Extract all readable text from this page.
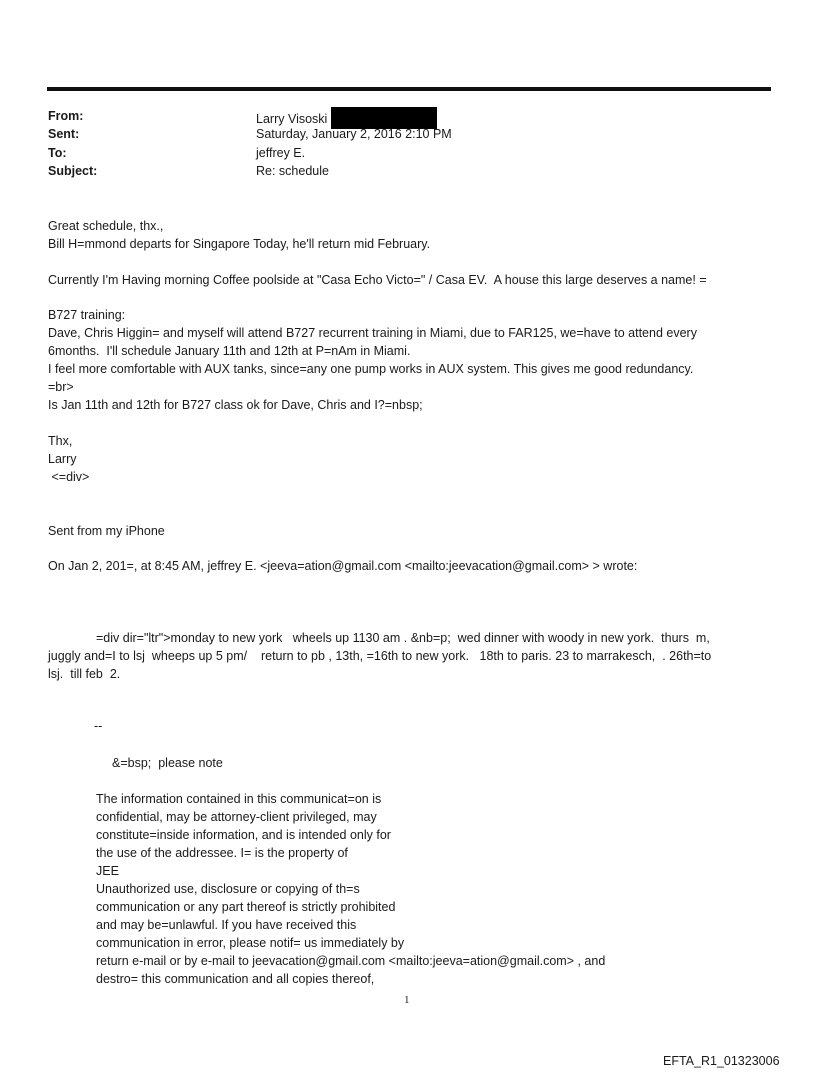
From:	Larry Visoski
Sent:	Saturday, January 2, 2016 2:10 PM
To:	jeffrey E.
Subject:	Re: schedule
Great schedule, thx.,
Bill H=mmond departs for Singapore Today, he'll return mid February.
Currently I'm Having morning Coffee poolside at "Casa Echo Victo=" / Casa EV.  A house this large deserves a name! =
B727 training:
Dave, Chris Higgin= and myself will attend B727 recurrent training in Miami, due to FAR125, we=have to attend every
6months.  I'll schedule January 11th and 12th at P=nAm in Miami.
I feel more comfortable with AUX tanks, since=any one pump works in AUX system. This gives me good redundancy.
=br>
Is Jan 11th and 12th for B727 class ok for Dave, Chris and I?=nbsp;
Thx,
Larry
<=div>
Sent from my iPhone
On Jan 2, 201=, at 8:45 AM, jeffrey E. <jeeva=ation@gmail.com <mailto:jeevacation@gmail.com> > wrote:
=div dir="ltr">monday to new york   wheels up 1130 am . &nb=p;  wed dinner with woody in new york.  thurs  m,
juggly and=I to lsj  wheeps up 5 pm/    return to pb , 13th, =16th to new york.   18th to paris. 23 to marrakesch,  . 26th=to
lsj.  till feb  2.
--
&=bsp;  please note
The information contained in this communicat=on is
confidential, may be attorney-client privileged, may
constitute=inside information, and is intended only for
the use of the addressee. I= is the property of
JEE
Unauthorized use, disclosure or copying of th=s
communication or any part thereof is strictly prohibited
and may be=unlawful. If you have received this
communication in error, please notif= us immediately by
return e-mail or by e-mail to jeevacation@gmail.com <mailto:jeeva=ation@gmail.com> , and
destro= this communication and all copies thereof,
1
EFTA_R1_01323006
